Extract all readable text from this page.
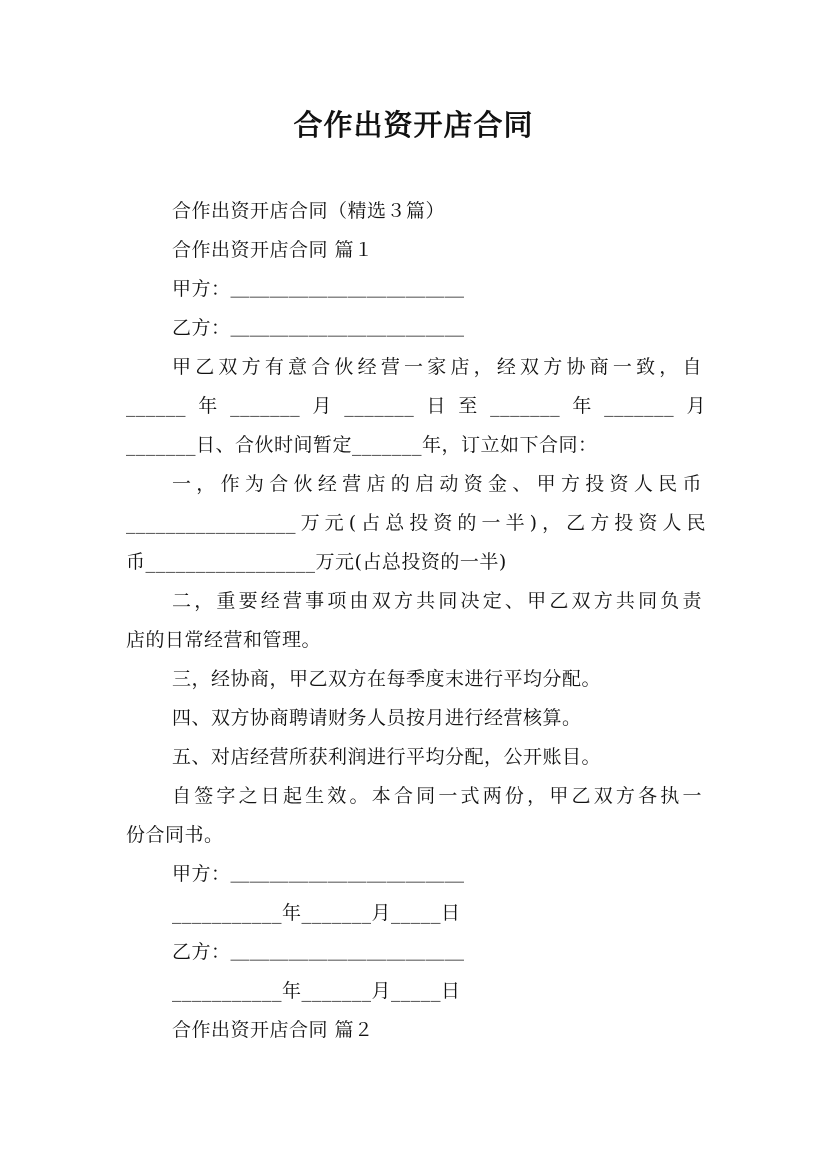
合作出资开店合同
合作出资开店合同（精选３篇）
合作出资开店合同 篇１
甲方：＿＿＿＿＿＿＿＿＿＿＿＿
乙方：＿＿＿＿＿＿＿＿＿＿＿＿
甲乙双方有意合伙经营一家店，经双方协商一致，自
______年_______月_______日至_______年_______月
_______日、合伙时间暂定_______年，订立如下合同：
一，作为合伙经营店的启动资金、甲方投资人民币
_________________万元(占总投资的一半)，乙方投资人民
币_________________万元(占总投资的一半)
二，重要经营事项由双方共同决定、甲乙双方共同负责
店的日常经营和管理。
三，经协商，甲乙双方在每季度末进行平均分配。
四、双方协商聘请财务人员按月进行经营核算。
五、对店经营所获利润进行平均分配，公开账目。
自签字之日起生效。本合同一式两份，甲乙双方各执一
份合同书。
甲方：＿＿＿＿＿＿＿＿＿＿＿＿
___________年_______月_____日
乙方：＿＿＿＿＿＿＿＿＿＿＿＿
___________年_______月_____日
合作出资开店合同 篇２
